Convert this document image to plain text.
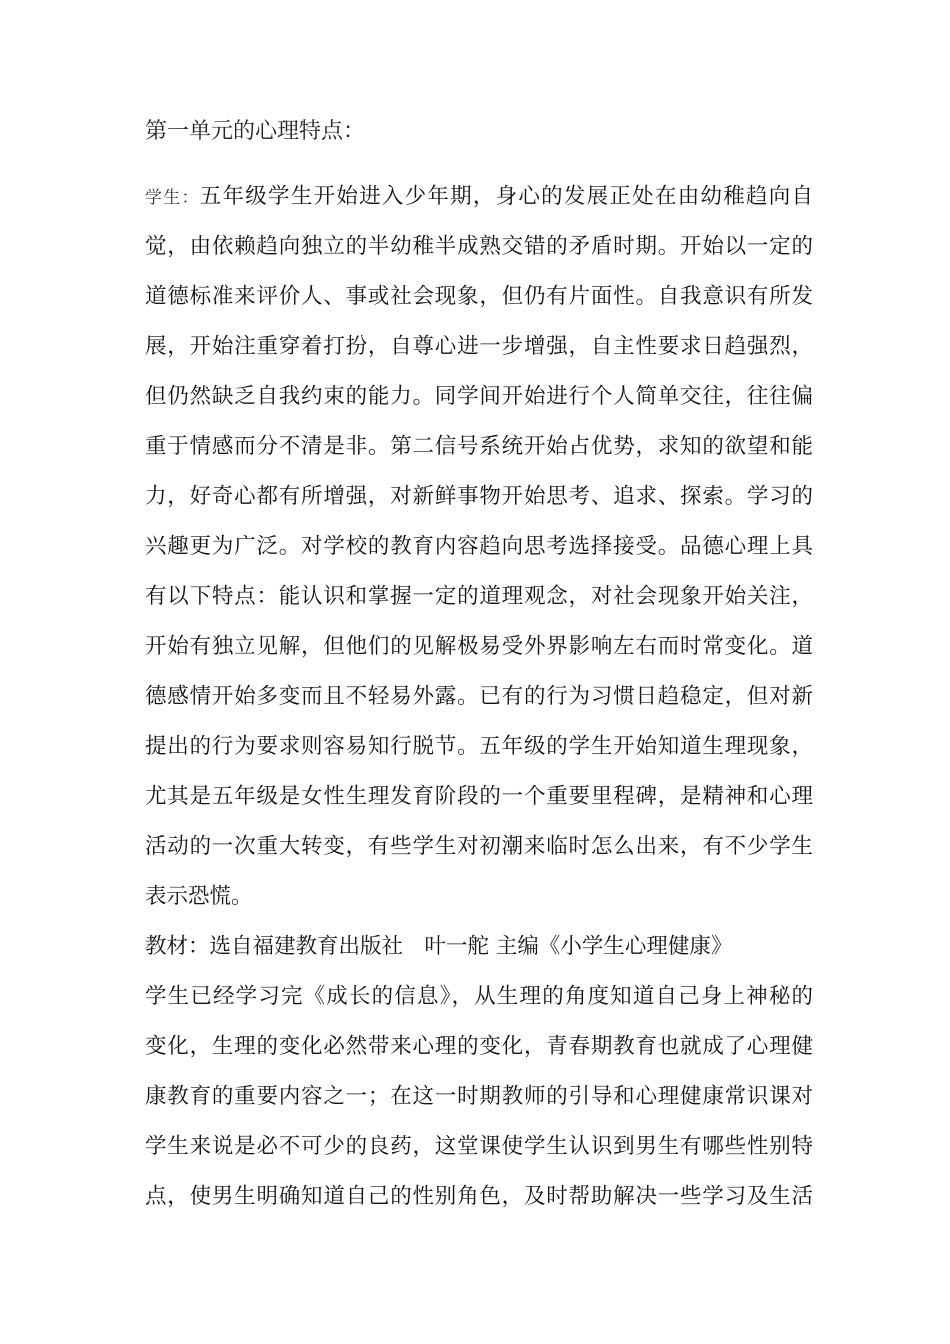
第一单元的心理特点：
学生：五年级学生开始进入少年期，身心的发展正处在由幼稚趋向自
觉，由依赖趋向独立的半幼稚半成熟交错的矛盾时期。开始以一定的
道德标准来评价人、事或社会现象，但仍有片面性。自我意识有所发
展，开始注重穿着打扮，自尊心进一步增强，自主性要求日趋强烈，
但仍然缺乏自我约束的能力。同学间开始进行个人简单交往，往往偏
重于情感而分不清是非。第二信号系统开始占优势，求知的欲望和能
力，好奇心都有所增强，对新鲜事物开始思考、追求、探索。学习的
兴趣更为广泛。对学校的教育内容趋向思考选择接受。品德心理上具
有以下特点：能认识和掌握一定的道理观念，对社会现象开始关注，
开始有独立见解，但他们的见解极易受外界影响左右而时常变化。道
德感情开始多变而且不轻易外露。已有的行为习惯日趋稳定，但对新
提出的行为要求则容易知行脱节。五年级的学生开始知道生理现象，
尤其是五年级是女性生理发育阶段的一个重要里程碑，是精神和心理
活动的一次重大转变，有些学生对初潮来临时怎么出来，有不少学生
表示恐慌。
教材：选自福建教育出版社　叶一舵 主编《小学生心理健康》
学生已经学习完《成长的信息》，从生理的角度知道自己身上神秘的
变化，生理的变化必然带来心理的变化，青春期教育也就成了心理健
康教育的重要内容之一；在这一时期教师的引导和心理健康常识课对
学生来说是必不可少的良药，这堂课使学生认识到男生有哪些性别特
点，使男生明确知道自己的性别角色，及时帮助解决一些学习及生活
